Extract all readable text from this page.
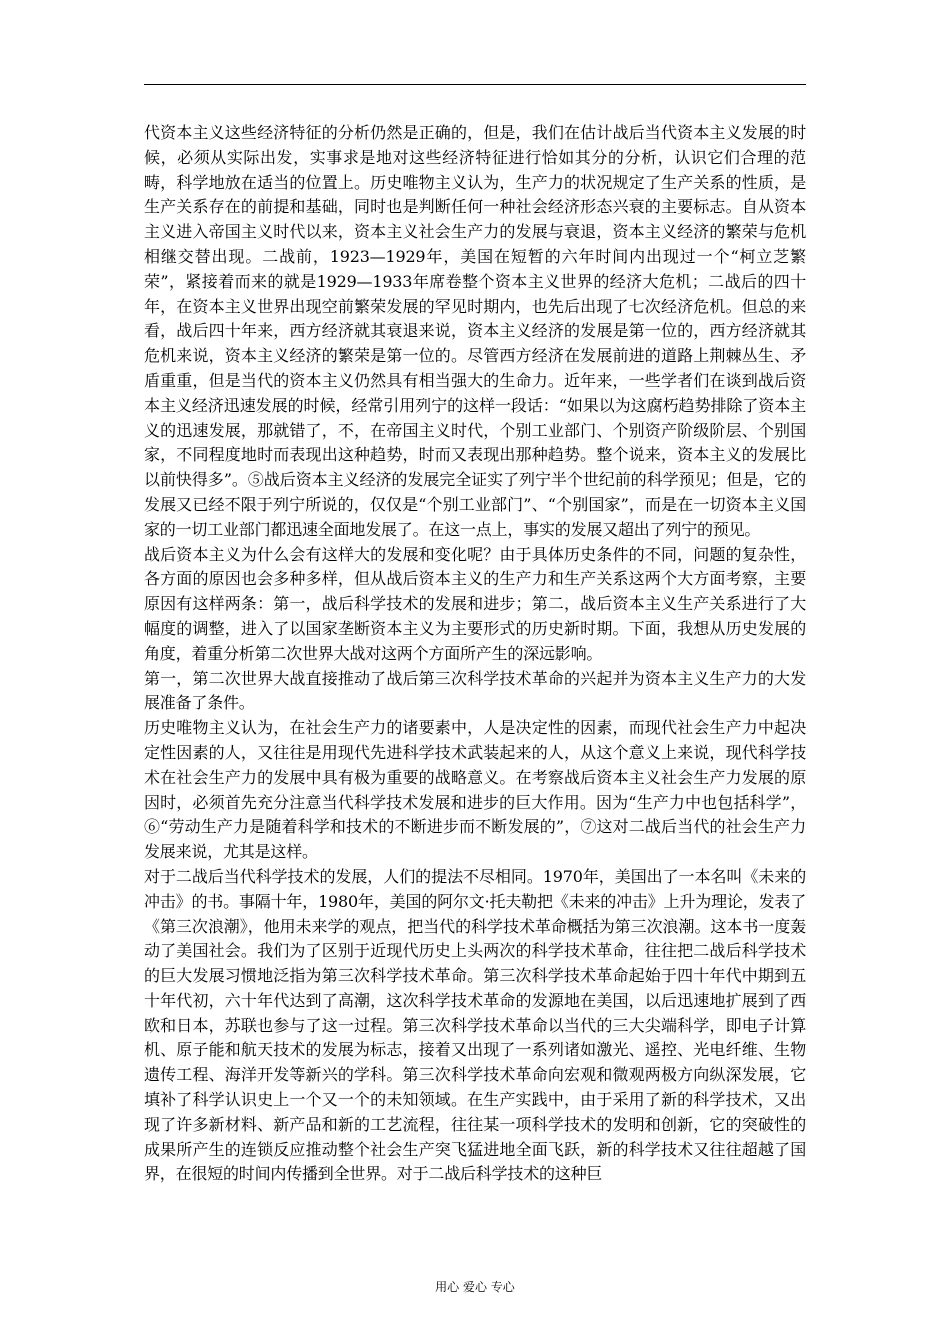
代资本主义这些经济特征的分析仍然是正确的，但是，我们在估计战后当代资本主义发展的时候，必须从实际出发，实事求是地对这些经济特征进行恰如其分的分析，认识它们合理的范畴，科学地放在适当的位置上。历史唯物主义认为，生产力的状况规定了生产关系的性质，是生产关系存在的前提和基础，同时也是判断任何一种社会经济形态兴衰的主要标志。自从资本主义进入帝国主义时代以来，资本主义社会生产力的发展与衰退，资本主义经济的繁荣与危机相继交替出现。二战前，1923—1929年，美国在短暂的六年时间内出现过一个“柯立芝繁荣”，紧接着而来的就是1929—1933年席卷整个资本主义世界的经济大危机；二战后的四十年，在资本主义世界出现空前繁荣发展的罕见时期内，也先后出现了七次经济危机。但总的来看，战后四十年来，西方经济就其衰退来说，资本主义经济的发展是第一位的，西方经济就其危机来说，资本主义经济的繁荣是第一位的。尽管西方经济在发展前进的道路上荆棘丛生、矛盾重重，但是当代的资本主义仍然具有相当强大的生命力。近年来，一些学者们在谈到战后资本主义经济迅速发展的时候，经常引用列宁的这样一段话：“如果以为这腐朽趋势排除了资本主义的迅速发展，那就错了，不，在帝国主义时代，个别工业部门、个别资产阶级阶层、个别国家，不同程度地时而表现出这种趋势，时而又表现出那种趋势。整个说来，资本主义的发展比以前快得多”。⑤战后资本主义经济的发展完全证实了列宁半个世纪前的科学预见；但是，它的发展又已经不限于列宁所说的，仅仅是“个别工业部门”、“个别国家”，而是在一切资本主义国家的一切工业部门都迅速全面地发展了。在这一点上，事实的发展又超出了列宁的预见。

战后资本主义为什么会有这样大的发展和变化呢？由于具体历史条件的不同，问题的复杂性，各方面的原因也会多种多样，但从战后资本主义的生产力和生产关系这两个大方面考察，主要原因有这样两条：第一，战后科学技术的发展和进步；第二，战后资本主义生产关系进行了大幅度的调整，进入了以国家垄断资本主义为主要形式的历史新时期。下面，我想从历史发展的角度，着重分析第二次世界大战对这两个方面所产生的深远影响。

第一，第二次世界大战直接推动了战后第三次科学技术革命的兴起并为资本主义生产力的大发展准备了条件。

历史唯物主义认为，在社会生产力的诸要素中，人是决定性的因素，而现代社会生产力中起决定性因素的人，又往往是用现代先进科学技术武装起来的人，从这个意义上来说，现代科学技术在社会生产力的发展中具有极为重要的战略意义。在考察战后资本主义社会生产力发展的原因时，必须首先充分注意当代科学技术发展和进步的巨大作用。因为“生产力中也包括科学”，⑥“劳动生产力是随着科学和技术的不断进步而不断发展的”，⑦这对二战后当代的社会生产力发展来说，尤其是这样。

对于二战后当代科学技术的发展，人们的提法不尽相同。1970年，美国出了一本名叫《未来的冲击》的书。事隔十年，1980年，美国的阿尔文·托夫勒把《未来的冲击》上升为理论，发表了《第三次浪潮》，他用未来学的观点，把当代的科学技术革命概括为第三次浪潮。这本书一度轰动了美国社会。我们为了区别于近现代历史上头两次的科学技术革命，往往把二战后科学技术的巨大发展习惯地泛指为第三次科学技术革命。第三次科学技术革命起始于四十年代中期到五十年代初，六十年代达到了高潮，这次科学技术革命的发源地在美国，以后迅速地扩展到了西欧和日本，苏联也参与了这一过程。第三次科学技术革命以当代的三大尖端科学，即电子计算机、原子能和航天技术的发展为标志，接着又出现了一系列诸如激光、遥控、光电纤维、生物遗传工程、海洋开发等新兴的学科。第三次科学技术革命向宏观和微观两极方向纵深发展，它填补了科学认识史上一个又一个的未知领域。在生产实践中，由于采用了新的科学技术，又出现了许多新材料、新产品和新的工艺流程，往往某一项科学技术的发明和创新，它的突破性的成果所产生的连锁反应推动整个社会生产突飞猛进地全面飞跃，新的科学技术又往往超越了国界，在很短的时间内传播到全世界。对于二战后科学技术的这种巨

用心 爱心 专心
